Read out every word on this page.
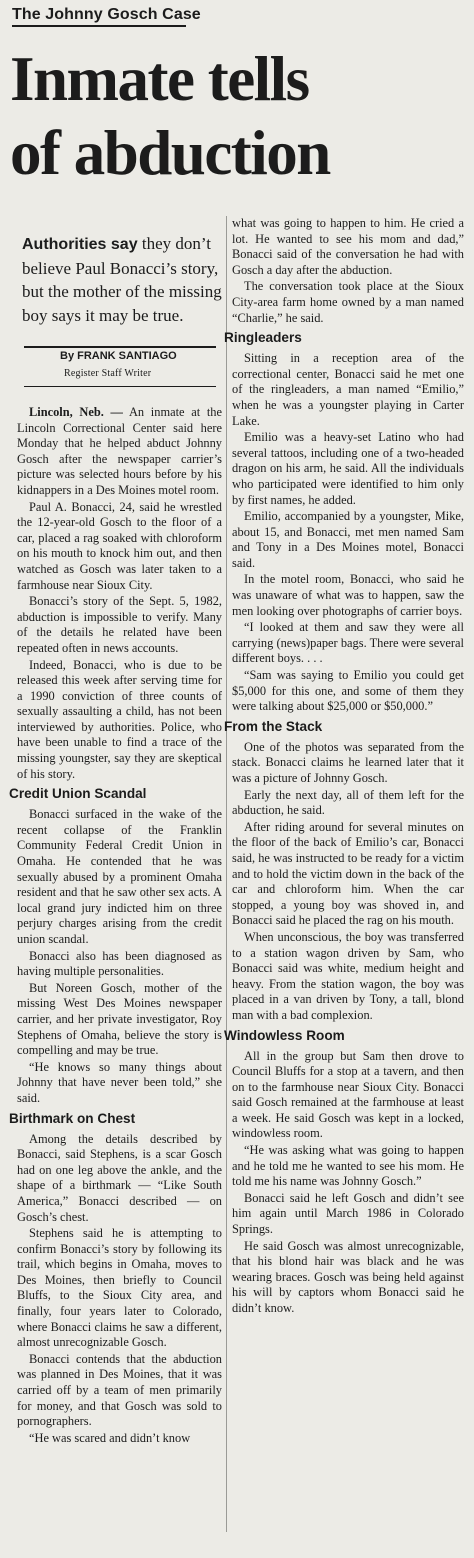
The Johnny Gosch Case
Inmate tells
of abduction

Authorities say they don’t believe Paul Bonacci’s story, but the mother of the missing boy says it may be true.

By FRANK SANTIAGO
Register Staff Writer

Lincoln, Neb. — An inmate at the Lincoln Correctional Center said here Monday that he helped abduct Johnny Gosch after the newspaper carrier’s picture was selected hours before by his kidnappers in a Des Moines motel room.

Paul A. Bonacci, 24, said he wrestled the 12-year-old Gosch to the floor of a car, placed a rag soaked with chloroform on his mouth to knock him out, and then watched as Gosch was later taken to a farmhouse near Sioux City.

Bonacci’s story of the Sept. 5, 1982, abduction is impossible to verify. Many of the details he related have been repeated often in news accounts.

Indeed, Bonacci, who is due to be released this week after serving time for a 1990 conviction of three counts of sexually assaulting a child, has not been interviewed by authorities. Police, who have been unable to find a trace of the missing youngster, say they are skeptical of his story.

Credit Union Scandal

Bonacci surfaced in the wake of the recent collapse of the Franklin Community Federal Credit Union in Omaha. He contended that he was sexually abused by a prominent Omaha resident and that he saw other sex acts. A local grand jury indicted him on three perjury charges arising from the credit union scandal.

Bonacci also has been diagnosed as having multiple personalities.

But Noreen Gosch, mother of the missing West Des Moines newspaper carrier, and her private investigator, Roy Stephens of Omaha, believe the story is compelling and may be true.

“He knows so many things about Johnny that have never been told,” she said.

Birthmark on Chest

Among the details described by Bonacci, said Stephens, is a scar Gosch had on one leg above the ankle, and the shape of a birthmark — “Like South America,” Bonacci described — on Gosch’s chest.

Stephens said he is attempting to confirm Bonacci’s story by following its trail, which begins in Omaha, moves to Des Moines, then briefly to Council Bluffs, to the Sioux City area, and finally, four years later to Colorado, where Bonacci claims he saw a different, almost unrecognizable Gosch.

Bonacci contends that the abduction was planned in Des Moines, that it was carried off by a team of men primarily for money, and that Gosch was sold to pornographers.

“He was scared and didn’t know

what was going to happen to him. He cried a lot. He wanted to see his mom and dad,” Bonacci said of the conversation he had with Gosch a day after the abduction.

The conversation took place at the Sioux City-area farm home owned by a man named “Charlie,” he said.

Ringleaders

Sitting in a reception area of the correctional center, Bonacci said he met one of the ringleaders, a man named “Emilio,” when he was a youngster playing in Carter Lake.

Emilio was a heavy-set Latino who had several tattoos, including one of a two-headed dragon on his arm, he said. All the individuals who participated were identified to him only by first names, he added.

Emilio, accompanied by a youngster, Mike, about 15, and Bonacci, met men named Sam and Tony in a Des Moines motel, Bonacci said.

In the motel room, Bonacci, who said he was unaware of what was to happen, saw the men looking over photographs of carrier boys.

“I looked at them and saw they were all carrying (news)paper bags. There were several different boys. . . .

“Sam was saying to Emilio you could get $5,000 for this one, and some of them they were talking about $25,000 or $50,000.”

From the Stack

One of the photos was separated from the stack. Bonacci claims he learned later that it was a picture of Johnny Gosch.

Early the next day, all of them left for the abduction, he said.

After riding around for several minutes on the floor of the back of Emilio’s car, Bonacci said, he was instructed to be ready for a victim and to hold the victim down in the back of the car and chloroform him. When the car stopped, a young boy was shoved in, and Bonacci said he placed the rag on his mouth.

When unconscious, the boy was transferred to a station wagon driven by Sam, who Bonacci said was white, medium height and heavy. From the station wagon, the boy was placed in a van driven by Tony, a tall, blond man with a bad complexion.

Windowless Room

All in the group but Sam then drove to Council Bluffs for a stop at a tavern, and then on to the farmhouse near Sioux City. Bonacci said Gosch remained at the farmhouse at least a week. He said Gosch was kept in a locked, windowless room.

“He was asking what was going to happen and he told me he wanted to see his mom. He told me his name was Johnny Gosch.”

Bonacci said he left Gosch and didn’t see him again until March 1986 in Colorado Springs.

He said Gosch was almost unrecognizable, that his blond hair was black and he was wearing braces. Gosch was being held against his will by captors whom Bonacci said he didn’t know.
